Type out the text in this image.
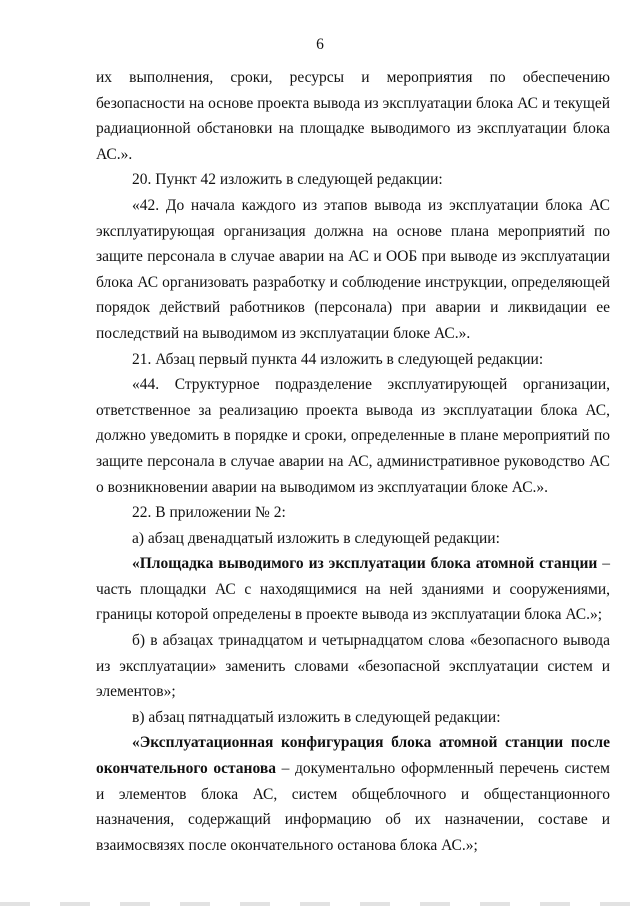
6

их выполнения, сроки, ресурсы и мероприятия по обеспечению безопасности на основе проекта вывода из эксплуатации блока АС и текущей радиационной обстановки на площадке выводимого из эксплуатации блока АС.».

20. Пункт 42 изложить в следующей редакции:

«42. До начала каждого из этапов вывода из эксплуатации блока АС эксплуатирующая организация должна на основе плана мероприятий по защите персонала в случае аварии на АС и ООБ при выводе из эксплуатации блока АС организовать разработку и соблюдение инструкции, определяющей порядок действий работников (персонала) при аварии и ликвидации ее последствий на выводимом из эксплуатации блоке АС.».

21. Абзац первый пункта 44 изложить в следующей редакции:

«44. Структурное подразделение эксплуатирующей организации, ответственное за реализацию проекта вывода из эксплуатации блока АС, должно уведомить в порядке и сроки, определенные в плане мероприятий по защите персонала в случае аварии на АС, административное руководство АС о возникновении аварии на выводимом из эксплуатации блоке АС.».

22. В приложении № 2:

а) абзац двенадцатый изложить в следующей редакции:

«Площадка выводимого из эксплуатации блока атомной станции – часть площадки АС с находящимися на ней зданиями и сооружениями, границы которой определены в проекте вывода из эксплуатации блока АС.»;

б) в абзацах тринадцатом и четырнадцатом слова «безопасного вывода из эксплуатации» заменить словами «безопасной эксплуатации систем и элементов»;

в) абзац пятнадцатый изложить в следующей редакции:

«Эксплуатационная конфигурация блока атомной станции после окончательного останова – документально оформленный перечень систем и элементов блока АС, систем общеблочного и общестанционного назначения, содержащий информацию об их назначении, составе и взаимосвязях после окончательного останова блока АС.»;
